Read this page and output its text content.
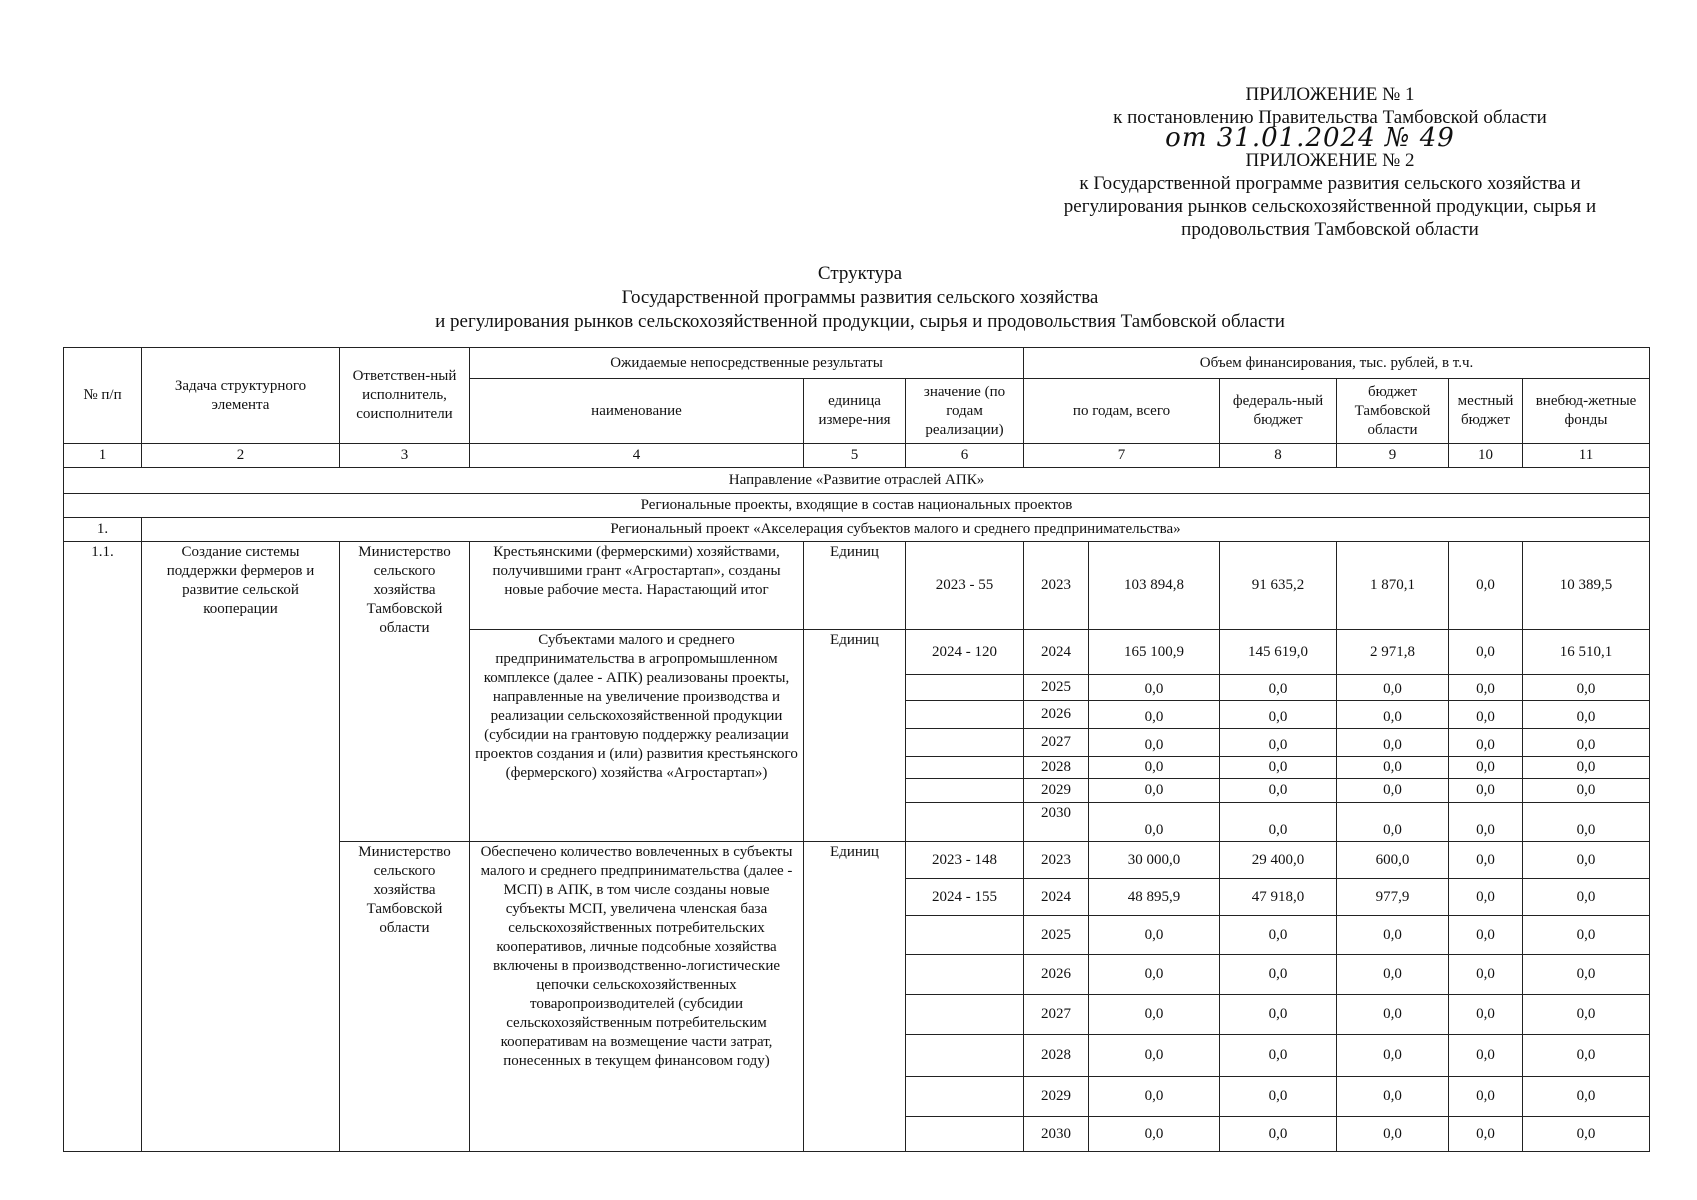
ПРИЛОЖЕНИЕ № 1
к постановлению Правительства Тамбовской области
от 31.01.2024 № 49
ПРИЛОЖЕНИЕ № 2
к Государственной программе развития сельского хозяйства и
регулирования рынков сельскохозяйственной продукции, сырья и
продовольствия Тамбовской области
Структура
Государственной программы развития сельского хозяйства
и регулирования рынков сельскохозяйственной продукции, сырья и продовольствия Тамбовской области
№ п/п	Задача структурного элемента	Ответствен-ный исполнитель, соисполнители	Ожидаемые непосредственные результаты			Объем финансирования, тыс. рублей, в т.ч.					
			наименование	единица измере-ния	значение (по годам реализации)	по годам, всего		федераль-ный бюджет	бюджет Тамбовской области	местный бюджет	внебюд-жетные фонды
1	2	3	4	5	6	7		8	9	10	11
Направление «Развитие отраслей АПК»											
Региональные проекты, входящие в состав национальных проектов											
1.	Региональный проект «Акселерация субъектов малого и среднего предпринимательства»										
1.1.	Создание системы поддержки фермеров и развитие сельской кооперации	Министерство сельского хозяйства Тамбовской области	Крестьянскими (фермерскими) хозяйствами, получившими грант «Агростартап», созданы новые рабочие места. Нарастающий итог	Единиц	2023 - 55	2023	103 894,8	91 635,2	1 870,1	0,0	10 389,5
			Субъектами малого и среднего предпринимательства в агропромышленном комплексе (далее - АПК) реализованы проекты, направленные на увеличение производства и реализации сельскохозяйственной продукции (субсидии на грантовую поддержку реализации проектов создания и (или) развития крестьянского (фермерского) хозяйства «Агростартап»)	Единиц	2024 - 120	2024	165 100,9	145 619,0	2 971,8	0,0	16 510,1
						2025	0,0	0,0	0,0	0,0	0,0
						2026	0,0	0,0	0,0	0,0	0,0
						2027	0,0	0,0	0,0	0,0	0,0
						2028	0,0	0,0	0,0	0,0	0,0
						2029	0,0	0,0	0,0	0,0	0,0
						2030	0,0	0,0	0,0	0,0	0,0
		Министерство сельского хозяйства Тамбовской области	Обеспечено количество вовлеченных в субъекты малого и среднего предпринимательства (далее - МСП) в АПК, в том числе созданы новые субъекты МСП, увеличена членская база сельскохозяйственных потребительских кооперативов, личные подсобные хозяйства включены в производственно-логистические цепочки сельскохозяйственных товаропроизводителей (субсидии сельскохозяйственным потребительским кооперативам на возмещение части затрат, понесенных в текущем финансовом году)	Единиц	2023 - 148	2023	30 000,0	29 400,0	600,0	0,0	0,0
					2024 - 155	2024	48 895,9	47 918,0	977,9	0,0	0,0
						2025	0,0	0,0	0,0	0,0	0,0
						2026	0,0	0,0	0,0	0,0	0,0
						2027	0,0	0,0	0,0	0,0	0,0
						2028	0,0	0,0	0,0	0,0	0,0
						2029	0,0	0,0	0,0	0,0	0,0
						2030	0,0	0,0	0,0	0,0	0,0
